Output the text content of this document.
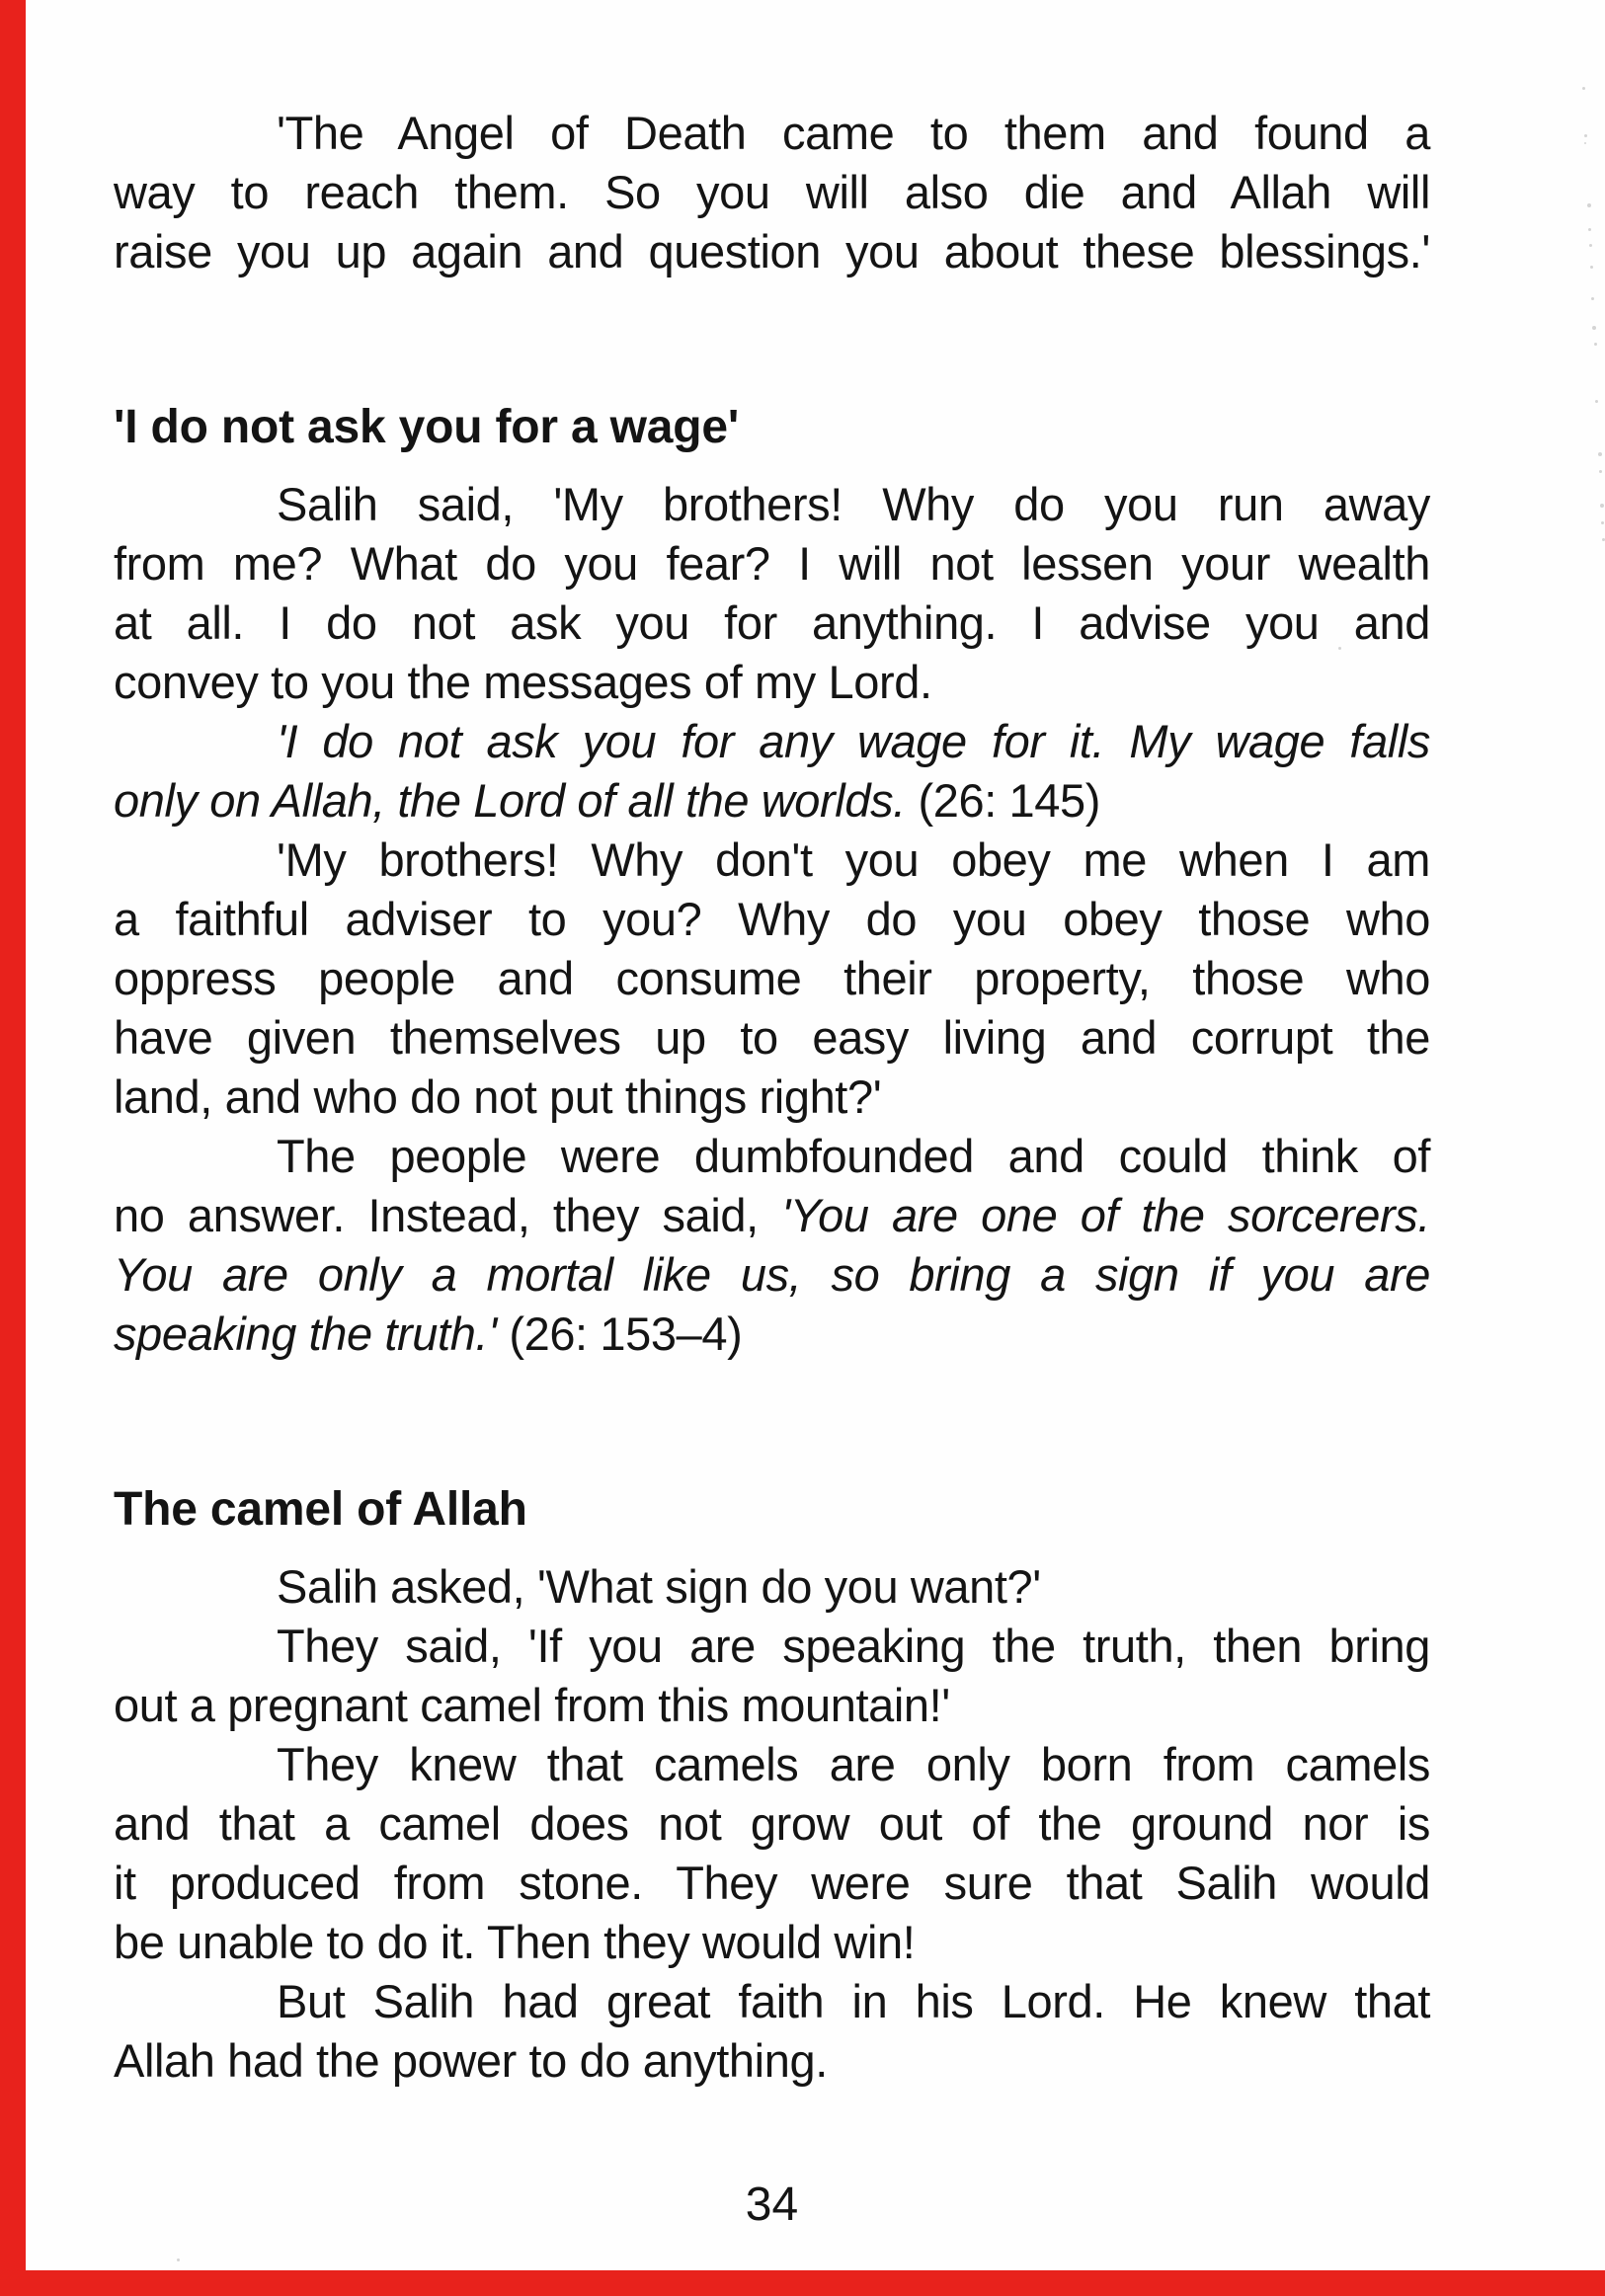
'The Angel of Death came to them and found a
way to reach them. So you will also die and Allah will
raise you up again and question you about these blessings.'
'I do not ask you for a wage'
Salih said, 'My brothers! Why do you run away
from me? What do you fear? I will not lessen your wealth
at all. I do not ask you for anything. I advise you and
convey to you the messages of my Lord.
'I do not ask you for any wage for it. My wage falls
only on Allah, the Lord of all the worlds. (26: 145)
'My brothers! Why don't you obey me when I am
a faithful adviser to you? Why do you obey those who
oppress people and consume their property, those who
have given themselves up to easy living and corrupt the
land, and who do not put things right?'
The people were dumbfounded and could think of
no answer. Instead, they said, 'You are one of the sorcerers.
You are only a mortal like us, so bring a sign if you are
speaking the truth.' (26: 153–4)
The camel of Allah
Salih asked, 'What sign do you want?'
They said, 'If you are speaking the truth, then bring
out a pregnant camel from this mountain!'
They knew that camels are only born from camels
and that a camel does not grow out of the ground nor is
it produced from stone. They were sure that Salih would
be unable to do it. Then they would win!
But Salih had great faith in his Lord. He knew that
Allah had the power to do anything.
34
